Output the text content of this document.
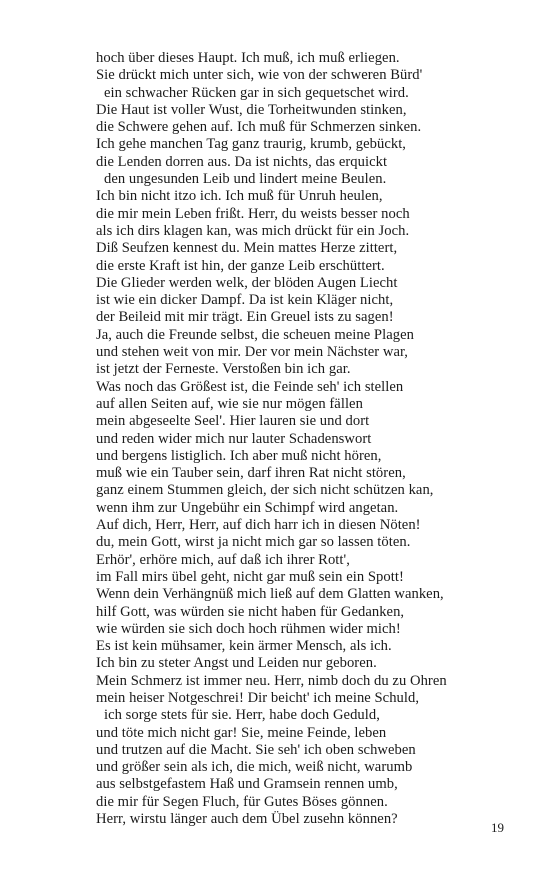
hoch über dieses Haupt. Ich muß, ich muß erliegen.
Sie drückt mich unter sich, wie von der schweren Bürd'
ein schwacher Rücken gar in sich gequetschet wird.
Die Haut ist voller Wust, die Torheitwunden stinken,
die Schwere gehen auf. Ich muß für Schmerzen sinken.
Ich gehe manchen Tag ganz traurig, krumb, gebückt,
die Lenden dorren aus. Da ist nichts, das erquickt
den ungesunden Leib und lindert meine Beulen.
Ich bin nicht itzo ich. Ich muß für Unruh heulen,
die mir mein Leben frißt. Herr, du weists besser noch
als ich dirs klagen kan, was mich drückt für ein Joch.
Diß Seufzen kennest du. Mein mattes Herze zittert,
die erste Kraft ist hin, der ganze Leib erschüttert.
Die Glieder werden welk, der blöden Augen Liecht
ist wie ein dicker Dampf. Da ist kein Kläger nicht,
der Beileid mit mir trägt. Ein Greuel ists zu sagen!
Ja, auch die Freunde selbst, die scheuen meine Plagen
und stehen weit von mir. Der vor mein Nächster war,
ist jetzt der Ferneste. Verstoßen bin ich gar.
Was noch das Größest ist, die Feinde seh' ich stellen
auf allen Seiten auf, wie sie nur mögen fällen
mein abgeseelte Seel'. Hier lauren sie und dort
und reden wider mich nur lauter Schadenswort
und bergens listiglich. Ich aber muß nicht hören,
muß wie ein Tauber sein, darf ihren Rat nicht stören,
ganz einem Stummen gleich, der sich nicht schützen kan,
wenn ihm zur Ungebühr ein Schimpf wird angetan.
Auf dich, Herr, Herr, auf dich harr ich in diesen Nöten!
du, mein Gott, wirst ja nicht mich gar so lassen töten.
Erhör', erhöre mich, auf daß ich ihrer Rott',
im Fall mirs übel geht, nicht gar muß sein ein Spott!
Wenn dein Verhängnüß mich ließ auf dem Glatten wanken,
hilf Gott, was würden sie nicht haben für Gedanken,
wie würden sie sich doch hoch rühmen wider mich!
Es ist kein mühsamer, kein ärmer Mensch, als ich.
Ich bin zu steter Angst und Leiden nur geboren.
Mein Schmerz ist immer neu. Herr, nimb doch du zu Ohren
mein heiser Notgeschrei! Dir beicht' ich meine Schuld,
ich sorge stets für sie. Herr, habe doch Geduld,
und töte mich nicht gar! Sie, meine Feinde, leben
und trutzen auf die Macht. Sie seh' ich oben schweben
und größer sein als ich, die mich, weiß nicht, warumb
aus selbstgefastem Haß und Gramsein rennen umb,
die mir für Segen Fluch, für Gutes Böses gönnen.
Herr, wirstu länger auch dem Übel zusehn können?
19
